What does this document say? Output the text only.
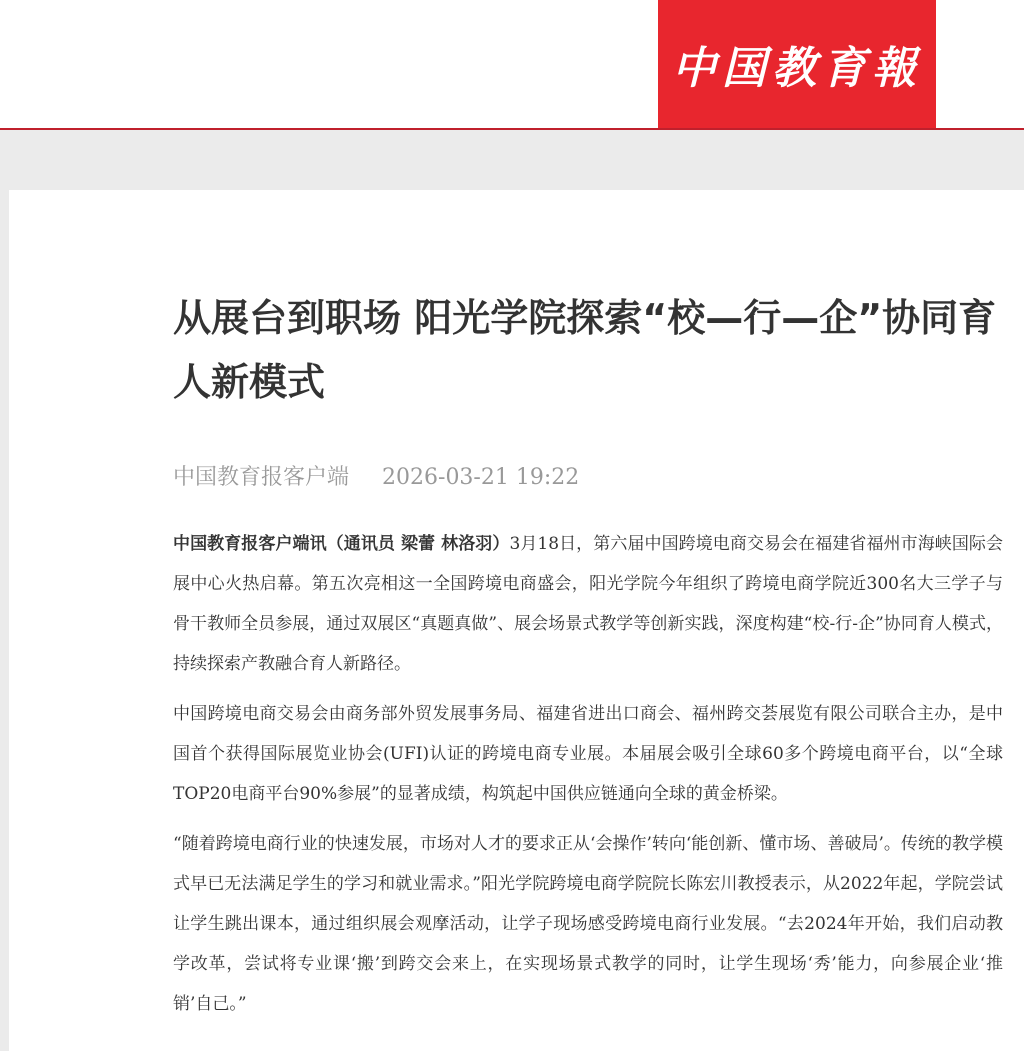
中国教育報
从展台到职场 阳光学院探索“校—行—企”协同育人新模式
中国教育报客户端 2026-03-21 19:22

中国教育报客户端讯（通讯员 梁蕾 林洛羽）3月18日，第六届中国跨境电商交易会在福建省福州市海峡国际会展中心火热启幕。第五次亮相这一全国跨境电商盛会，阳光学院今年组织了跨境电商学院近300名大三学子与骨干教师全员参展，通过双展区“真题真做”、展会场景式教学等创新实践，深度构建“校-行-企”协同育人模式，持续探索产教融合育人新路径。

中国跨境电商交易会由商务部外贸发展事务局、福建省进出口商会、福州跨交荟展览有限公司联合主办，是中国首个获得国际展览业协会(UFI)认证的跨境电商专业展。本届展会吸引全球60多个跨境电商平台，以“全球TOP20电商平台90%参展”的显著成绩，构筑起中国供应链通向全球的黄金桥梁。

“随着跨境电商行业的快速发展，市场对人才的要求正从‘会操作’转向‘能创新、懂市场、善破局’。传统的教学模式早已无法满足学生的学习和就业需求。”阳光学院跨境电商学院院长陈宏川教授表示，从2022年起，学院尝试让学生跳出课本，通过组织展会观摩活动，让学子现场感受跨境电商行业发展。“去2024年开始，我们启动教学改革，尝试将专业课‘搬’到跨交会来上，在实现场景式教学的同时，让学生现场‘秀’能力，向参展企业‘推销’自己。”
